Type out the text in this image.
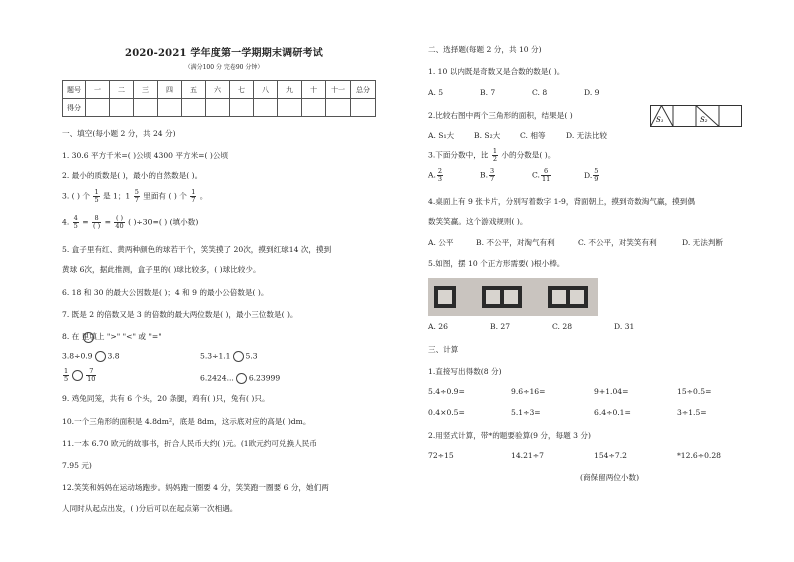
2020-2021 学年度第一学期期末调研考试
（满分100 分 完卷90 分钟）
题号	一	二	三	四	五	六	七	八	九	十	十一	总分
得分												
一、填空(每小题 2 分，共 24 分)
1. 30.6 平方千米=( )公顷 4300 平方米=( )公顷
2. 最小的质数是( )，最小的自然数是( )。
3. ( ) 个 $\frac{1}{5}$ 是 1；$1 \frac{5}{7}$ 里面有 ( ) 个 $\frac{1}{7}$ 。
4. $\frac{4}{5} = \frac{8}{( )} = \frac{( )}{40}$ ( )÷30=( ) (填小数)
5. 盒子里有红、黄两种颜色的球若干个，笑笑摸了 20次，摸到红球14 次，摸到
黄球 6次，据此推测，盒子里的( )球比较多，( )球比较少。
6. 18 和 30 的最大公因数是( )；4 和 9 的最小公倍数是( )。
7. 既是 2 的倍数又是 3 的倍数的最大两位数是( )，最小三位数是( )。
8. 在 里填上 ">" "<" 或 "="
3.8÷0.9 3.8	5.3÷1.1 5.3
$\frac{1}{5}$	$\frac{7}{10}$	6.2424... 6.23999
9. 鸡兔同笼，共有 6 个头，20 条腿，鸡有( )只，兔有( )只。
10.一个三角形的面积是 4.8dm²，底是 8dm，这示底对应的高是( )dm。
11.一本 6.70 欧元的故事书，折合人民币大约( )元。(1欧元约可兑换人民币
7.95 元)
12.笑笑和妈妈在运动场跑步。妈妈跑一圈要 4 分，笑笑跑一圈要 6 分，她们两
人同时从起点出发，( )分后可以在起点第一次相遇。
二、选择题(每题 2 分，共 10 分)
1. 10 以内既是奇数又是合数的数是( )。
A. 5	B. 7	C. 8	D. 9
2.比较右图中两个三角形的面积，结果是( )	S₁	S₂
A. S₁大	B. S₂大	C. 相等	D. 无法比较
3.下面分数中，比 $\frac{1}{2}$ 小的分数是( )。
A. $\frac{2}{3}$	B. $\frac{3}{7}$	C. $\frac{6}{11}$	D. $\frac{5}{9}$
4.桌面上有 9 张卡片，分别写着数字 1-9，背面朝上，摸到奇数淘气赢，摸到偶
数笑笑赢。这个游戏规则( )。
A. 公平	B. 不公平，对淘气有利	C. 不公平，对笑笑有利	D. 无法判断
5.如图，摆 10 个正方形需要( )根小棒。
A. 26	B. 27	C. 28	D. 31
三、计算
1.直接写出得数(8 分)
5.4÷0.9=	9.6÷16=	9+1.04=	15÷0.5=
0.4×0.5=	5.1÷3=	6.4÷0.1=	3÷1.5=
2.用竖式计算，带*的题要验算(9 分，每题 3 分)
72÷15	14.21÷7	154÷7.2	*12.6÷0.28
(商保留两位小数)
